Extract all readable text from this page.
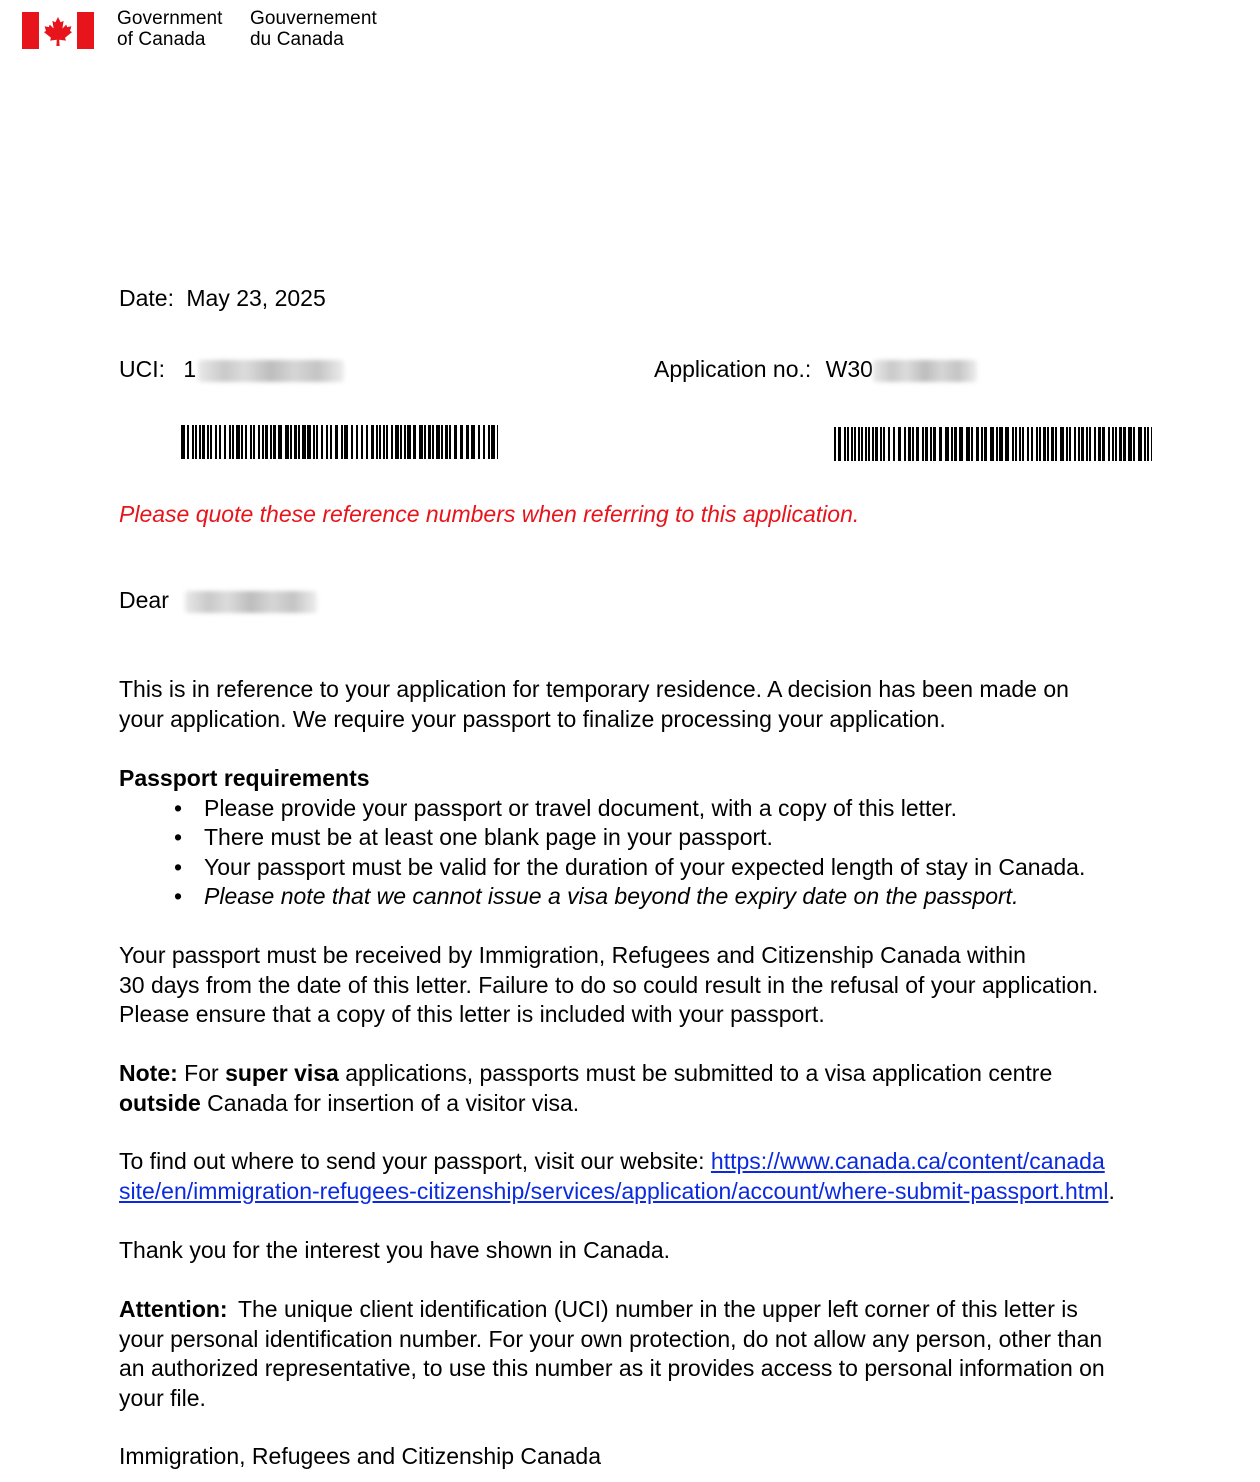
Government
of Canada
Gouvernement
du Canada
Date: May 23, 2025
UCI: 1	Application no.: W30
Please quote these reference numbers when referring to this application.
Dear

This is in reference to your application for temporary residence. A decision has been made on

your application. We require your passport to finalize processing your application.

Passport requirements

• Please provide your passport or travel document, with a copy of this letter.
• There must be at least one blank page in your passport.
• Your passport must be valid for the duration of your expected length of stay in Canada.
• Please note that we cannot issue a visa beyond the expiry date on the passport.

Your passport must be received by Immigration, Refugees and Citizenship Canada within

30 days from the date of this letter. Failure to do so could result in the refusal of your application.

Please ensure that a copy of this letter is included with your passport.

Note: For super visa applications, passports must be submitted to a visa application centre

outside Canada for insertion of a visitor visa.

To find out where to send your passport, visit our website: https://www.canada.ca/content/canada

site/en/immigration-refugees-citizenship/services/application/account/where-submit-passport.html.

Thank you for the interest you have shown in Canada.

Attention: The unique client identification (UCI) number in the upper left corner of this letter is

your personal identification number. For your own protection, do not allow any person, other than

an authorized representative, to use this number as it provides access to personal information on

your file.

Immigration, Refugees and Citizenship Canada
